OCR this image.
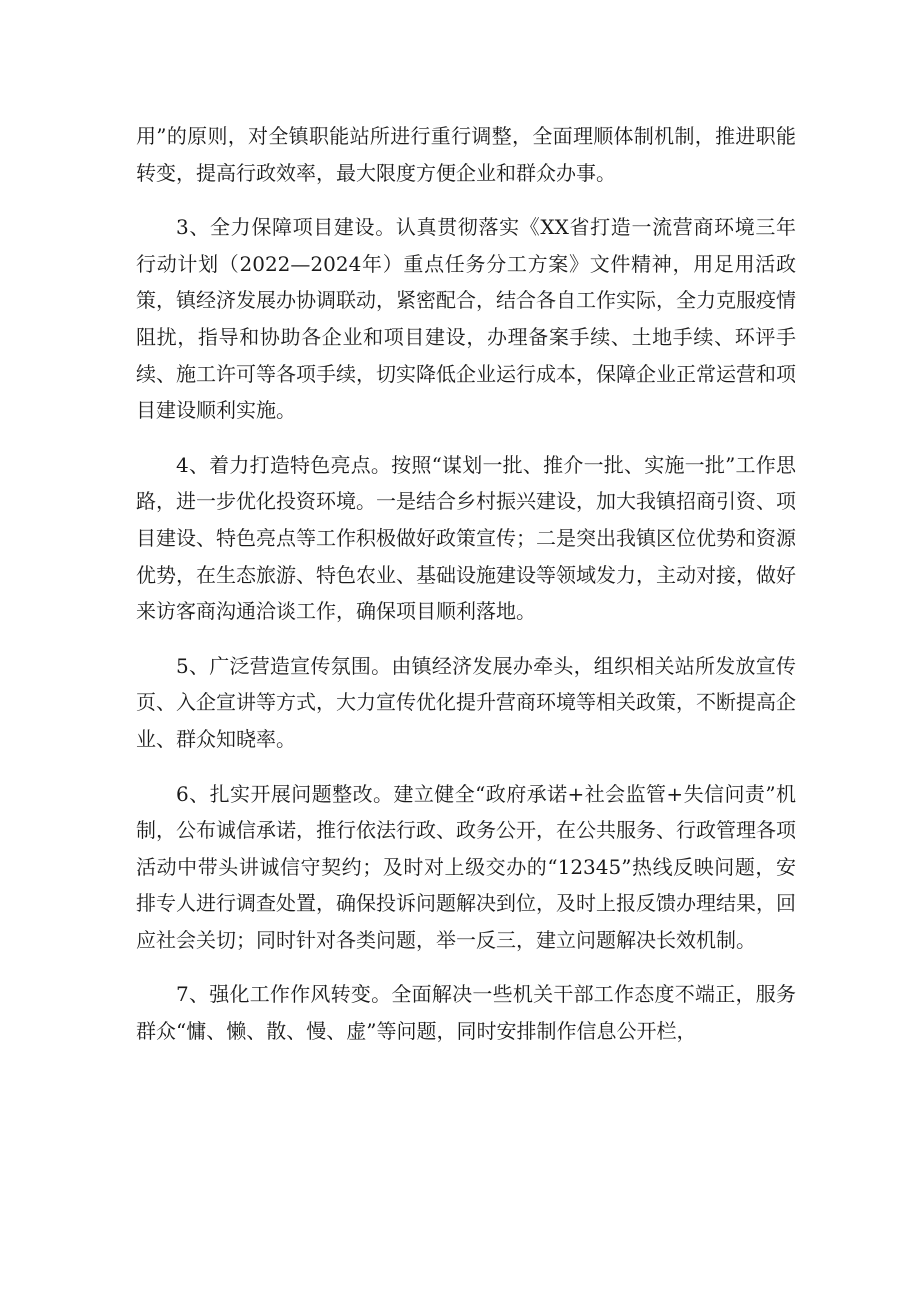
用”的原则，对全镇职能站所进行重行调整，全面理顺体制机制，推进职能转变，提高行政效率，最大限度方便企业和群众办事。

3、全力保障项目建设。认真贯彻落实《XX省打造一流营商环境三年行动计划（2022—2024年）重点任务分工方案》文件精神，用足用活政策，镇经济发展办协调联动，紧密配合，结合各自工作实际，全力克服疫情阻扰，指导和协助各企业和项目建设，办理备案手续、土地手续、环评手续、施工许可等各项手续，切实降低企业运行成本，保障企业正常运营和项目建设顺利实施。

4、着力打造特色亮点。按照“谋划一批、推介一批、实施一批”工作思路，进一步优化投资环境。一是结合乡村振兴建设，加大我镇招商引资、项目建设、特色亮点等工作积极做好政策宣传；二是突出我镇区位优势和资源优势，在生态旅游、特色农业、基础设施建设等领域发力，主动对接，做好来访客商沟通洽谈工作，确保项目顺利落地。

5、广泛营造宣传氛围。由镇经济发展办牵头，组织相关站所发放宣传页、入企宣讲等方式，大力宣传优化提升营商环境等相关政策，不断提高企业、群众知晓率。

6、扎实开展问题整改。建立健全“政府承诺+社会监管+失信问责”机制，公布诚信承诺，推行依法行政、政务公开，在公共服务、行政管理各项活动中带头讲诚信守契约；及时对上级交办的“12345”热线反映问题，安排专人进行调查处置，确保投诉问题解决到位，及时上报反馈办理结果，回应社会关切；同时针对各类问题，举一反三，建立问题解决长效机制。

7、强化工作作风转变。全面解决一些机关干部工作态度不端正，服务群众“慵、懒、散、慢、虚”等问题，同时安排制作信息公开栏，
